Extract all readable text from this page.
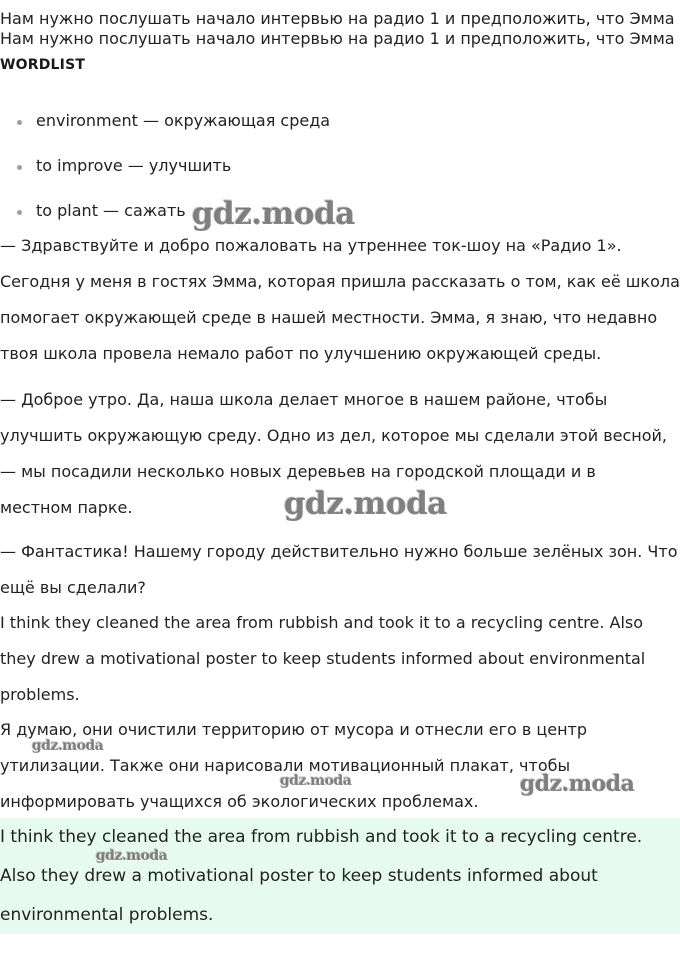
Нам нужно послушать начало интервью на радио 1 и предположить, что Эмма
Нам нужно послушать начало интервью на радио 1 и предположить, что Эмма
WORDLIST
environment — окружающая среда
to improve — улучшить
to plant — сажать
— Здравствуйте и добро пожаловать на утреннее ток-шоу на «Радио 1».
Сегодня у меня в гостях Эмма, которая пришла рассказать о том, как её школа
помогает окружающей среде в нашей местности. Эмма, я знаю, что недавно
твоя школа провела немало работ по улучшению окружающей среды.
— Доброе утро. Да, наша школа делает многое в нашем районе, чтобы
улучшить окружающую среду. Одно из дел, которое мы сделали этой весной,
— мы посадили несколько новых деревьев на городской площади и в
местном парке.
— Фантастика! Нашему городу действительно нужно больше зелёных зон. Что
ещё вы сделали?
I think they cleaned the area from rubbish and took it to a recycling centre. Also
they drew a motivational poster to keep students informed about environmental
problems.
Я думаю, они очистили территорию от мусора и отнесли его в центр
утилизации. Также они нарисовали мотивационный плакат, чтобы
информировать учащихся об экологических проблемах.
I think they cleaned the area from rubbish and took it to a recycling centre.
Also they drew a motivational poster to keep students informed about
environmental problems.
gdz.moda
gdz.moda
gdz.moda
gdz.moda	gdz.moda
gdz.moda
